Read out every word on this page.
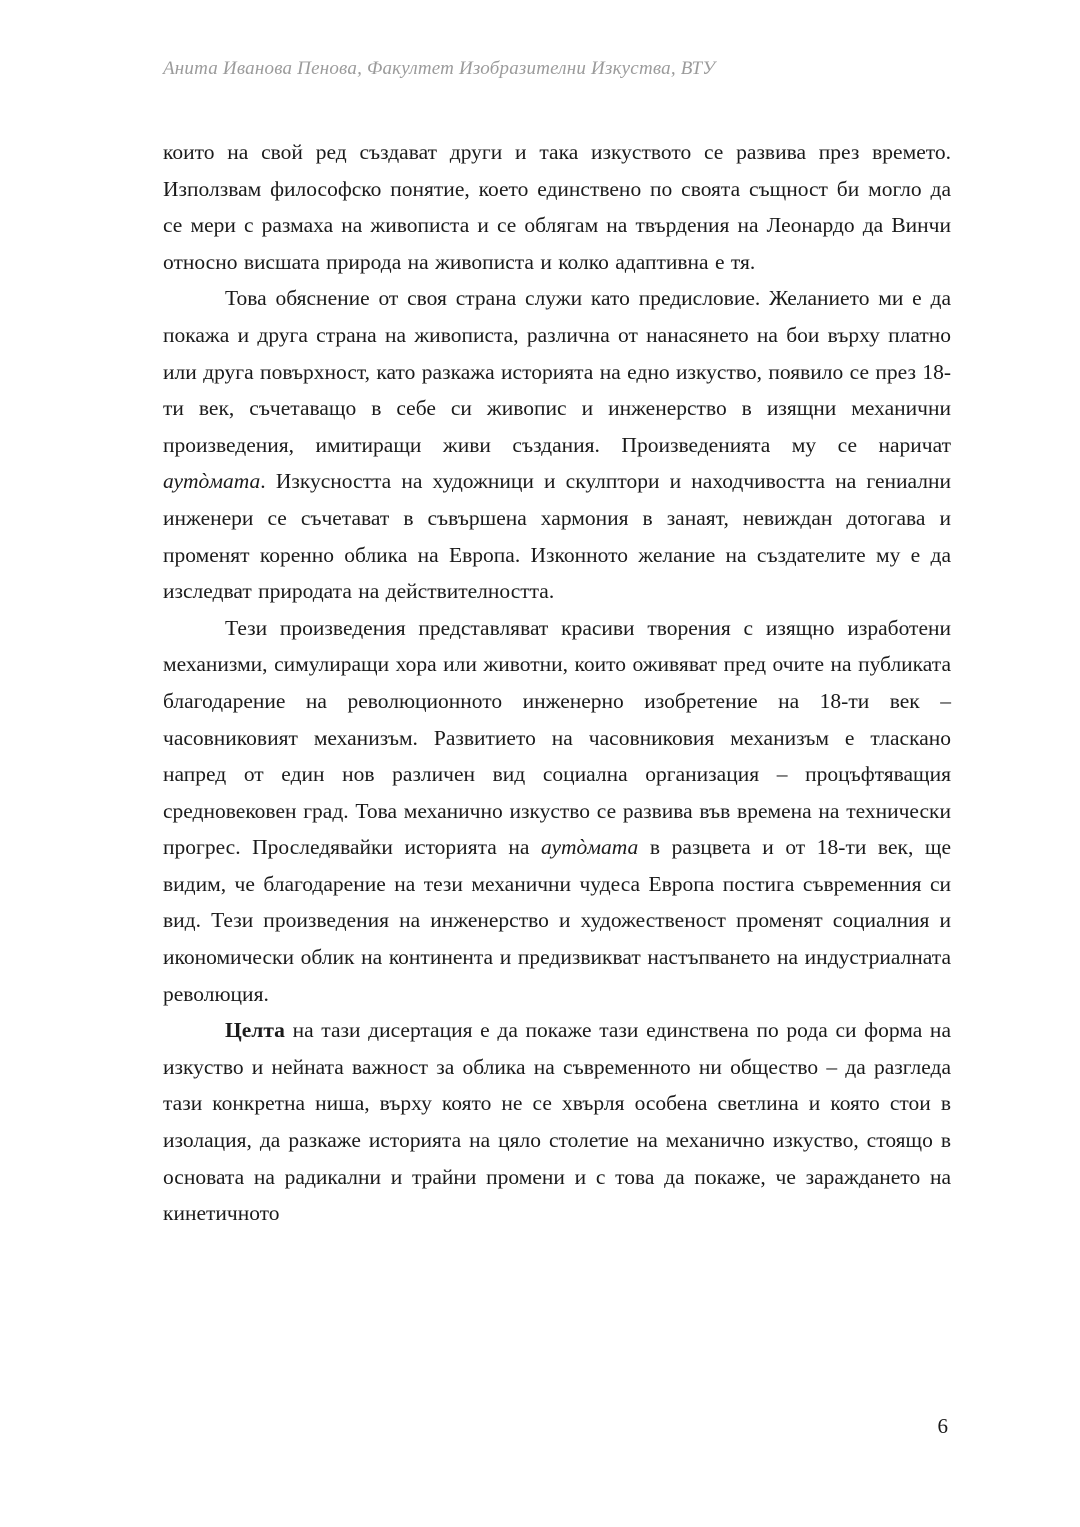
Анита Иванова Пенова, Факултет Изобразителни Изкуства, ВТУ

които на свой ред създават други и така изкуството се развива през времето. Използвам философско понятие, което единствено по своята същност би могло да се мери с размаха на живописта и се облягам на твърдения на Леонардо да Винчи относно висшата природа на живописта и колко адаптивна е тя.

Това обяснение от своя страна служи като предисловие. Желанието ми е да покажа и друга страна на живописта, различна от нанасянето на бои върху платно или друга повърхност, като разкажа историята на едно изкуство, появило се през 18-ти век, съчетаващо в себе си живопис и инженерство в изящни механични произведения, имитиращи живи създания. Произведенията му се наричат аутòмата. Изкусността на художници и скулптори и находчивостта на гениални инженери се съчетават в съвършена хармония в занаят, невиждан дотогава и променят коренно облика на Европа. Изконното желание на създателите му е да изследват природата на действителността.

Тези произведения представляват красиви творения с изящно изработени механизми, симулиращи хора или животни, които оживяват пред очите на публиката благодарение на революционното инженерно изобретение на 18-ти век – часовниковият механизъм. Развитието на часовниковия механизъм е тласкано напред от един нов различен вид социална организация – процъфтяващия средновековен град. Това механично изкуство се развива във времена на технически прогрес. Проследявайки историята на аутòмата в разцвета и от 18-ти век, ще видим, че благодарение на тези механични чудеса Европа постига съвременния си вид. Тези произведения на инженерство и художественост променят социалния и икономически облик на континента и предизвикват настъпването на индустриалната революция.

Целта на тази дисертация е да покаже тази единствена по рода си форма на изкуство и нейната важност за облика на съвременното ни общество – да разгледа тази конкретна ниша, върху която не се хвърля особена светлина и която стои в изолация, да разкаже историята на цяло столетие на механично изкуство, стоящо в основата на радикални и трайни промени и с това да покаже, че зараждането на кинетичното

6
